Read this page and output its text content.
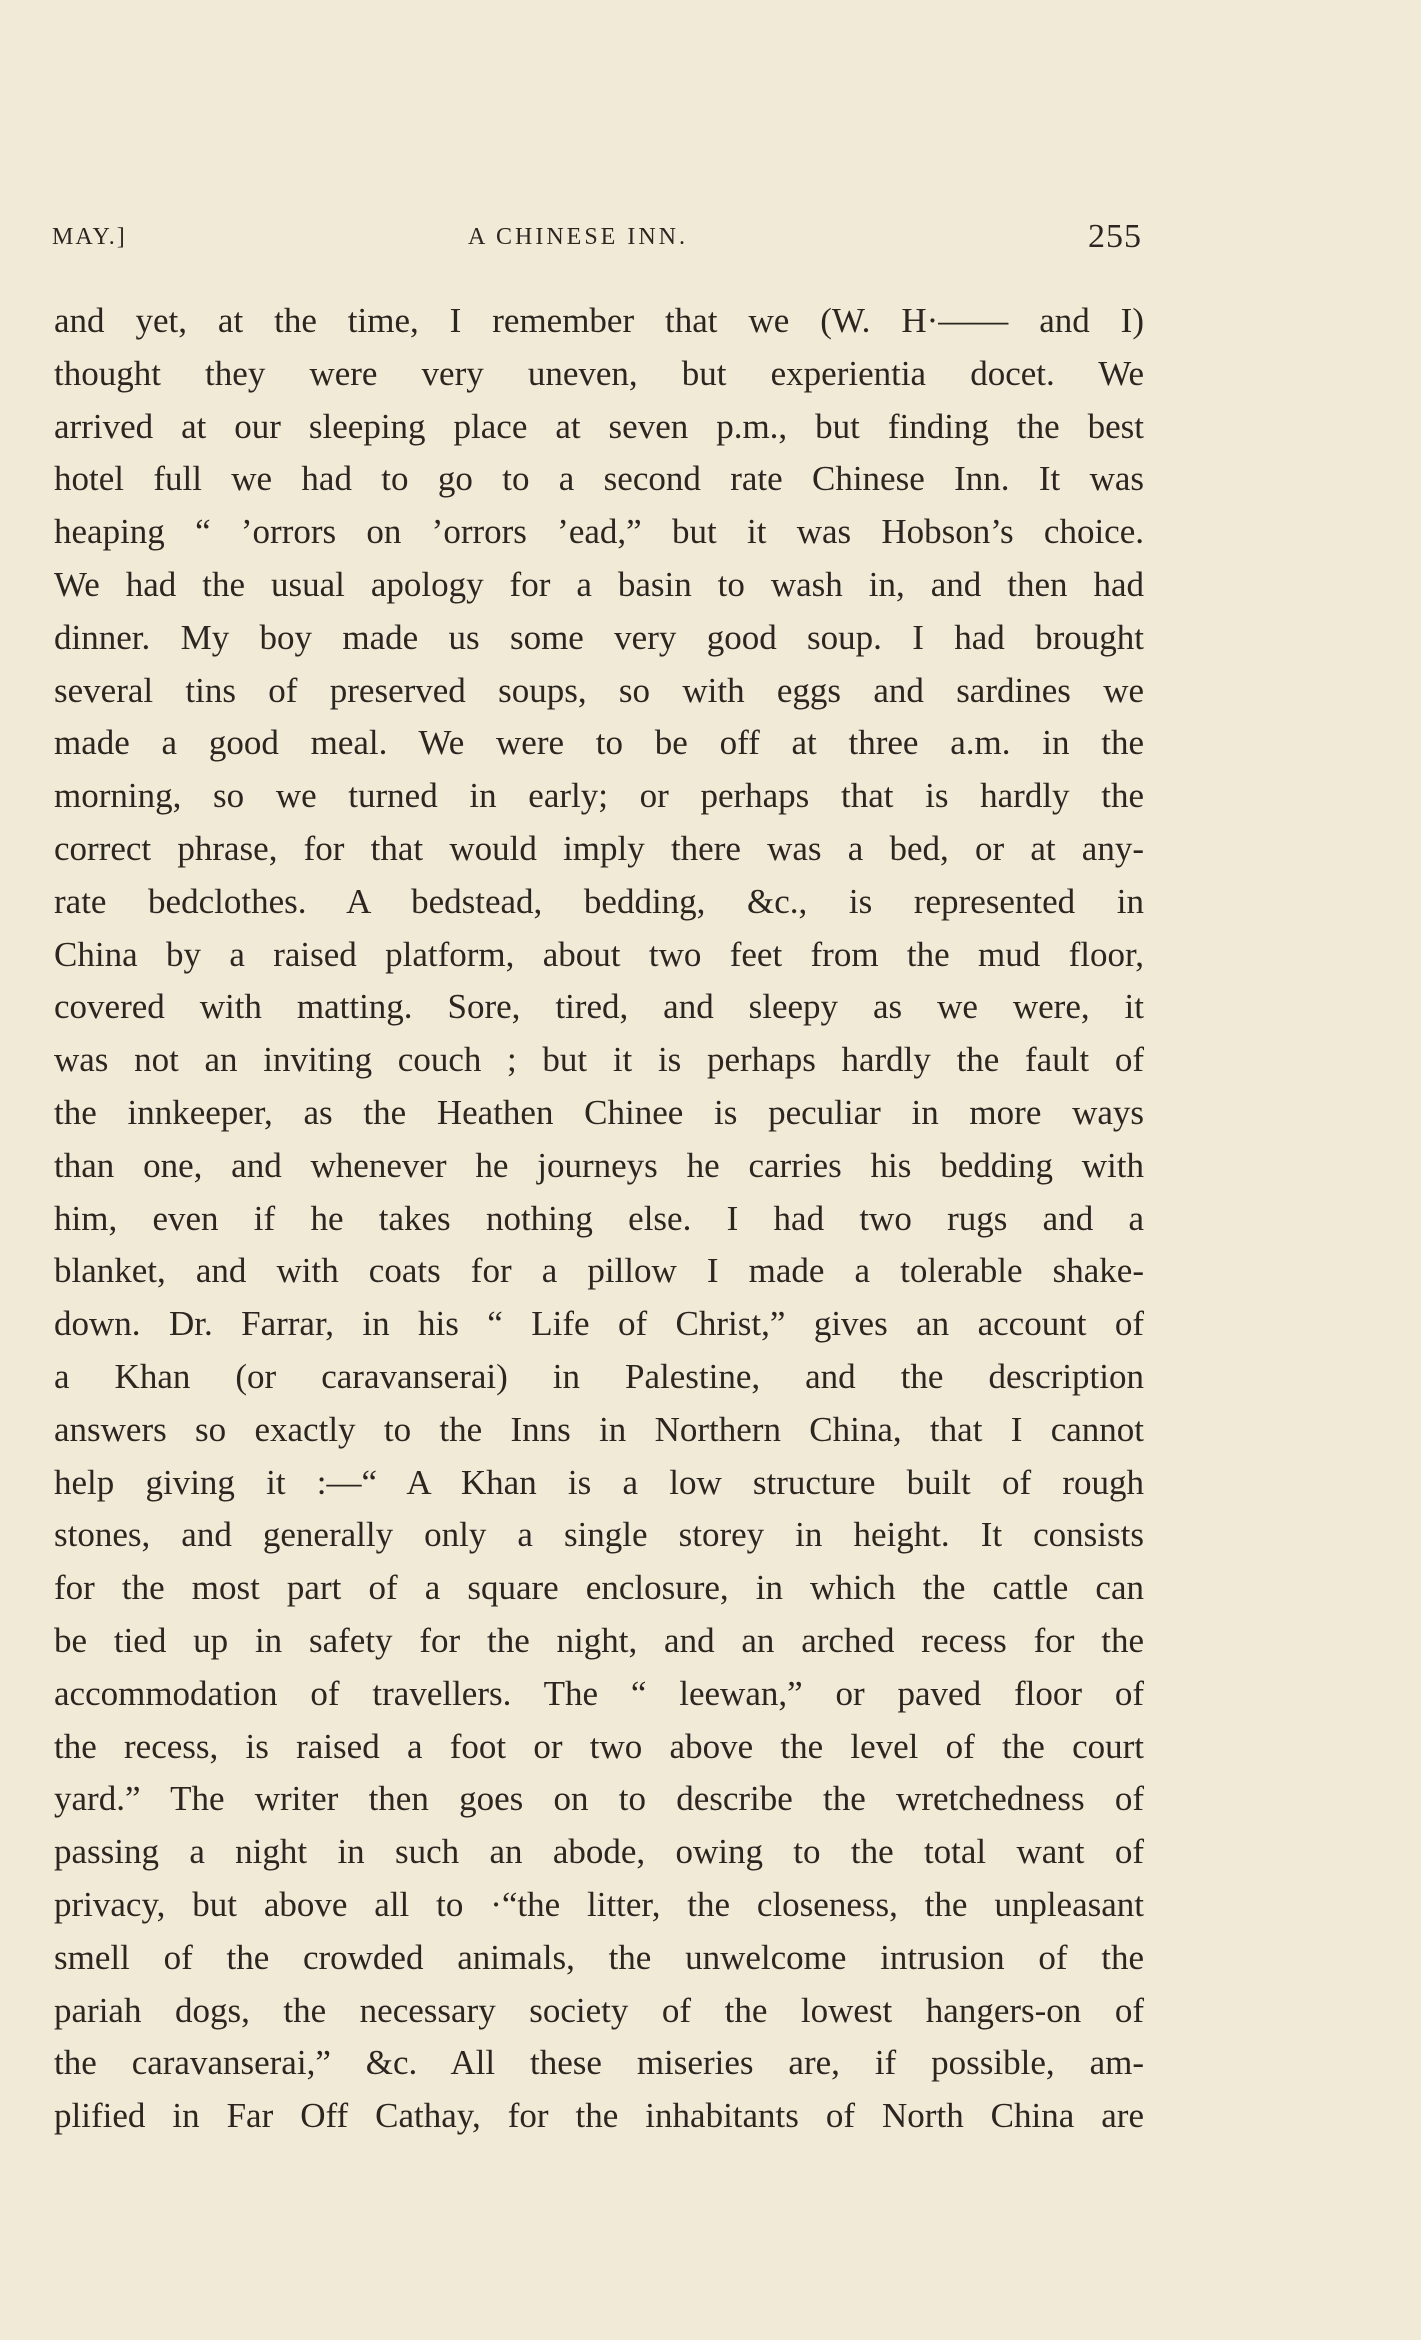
MAY.]	A CHINESE INN.	255
and yet, at the time, I remember that we (W. H·—— and I)
thought they were very uneven, but experientia docet. We
arrived at our sleeping place at seven p.m., but finding the best
hotel full we had to go to a second rate Chinese Inn. It was
heaping “ ’orrors on ’orrors ’ead,” but it was Hobson’s choice.
We had the usual apology for a basin to wash in, and then had
dinner. My boy made us some very good soup. I had brought
several tins of preserved soups, so with eggs and sardines we
made a good meal. We were to be off at three a.m. in the
morning, so we turned in early; or perhaps that is hardly the
correct phrase, for that would imply there was a bed, or at any-
rate bedclothes. A bedstead, bedding, &c., is represented in
China by a raised platform, about two feet from the mud floor,
covered with matting. Sore, tired, and sleepy as we were, it
was not an inviting couch ; but it is perhaps hardly the fault of
the innkeeper, as the Heathen Chinee is peculiar in more ways
than one, and whenever he journeys he carries his bedding with
him, even if he takes nothing else. I had two rugs and a
blanket, and with coats for a pillow I made a tolerable shake-
down. Dr. Farrar, in his “ Life of Christ,” gives an account of
a Khan (or caravanserai) in Palestine, and the description
answers so exactly to the Inns in Northern China, that I cannot
help giving it :—“ A Khan is a low structure built of rough
stones, and generally only a single storey in height. It consists
for the most part of a square enclosure, in which the cattle can
be tied up in safety for the night, and an arched recess for the
accommodation of travellers. The “ leewan,” or paved floor of
the recess, is raised a foot or two above the level of the court
yard.” The writer then goes on to describe the wretchedness of
passing a night in such an abode, owing to the total want of
privacy, but above all to ·“the litter, the closeness, the unpleasant
smell of the crowded animals, the unwelcome intrusion of the
pariah dogs, the necessary society of the lowest hangers-on of
the caravanserai,” &c. All these miseries are, if possible, am-
plified in Far Off Cathay, for the inhabitants of North China are
